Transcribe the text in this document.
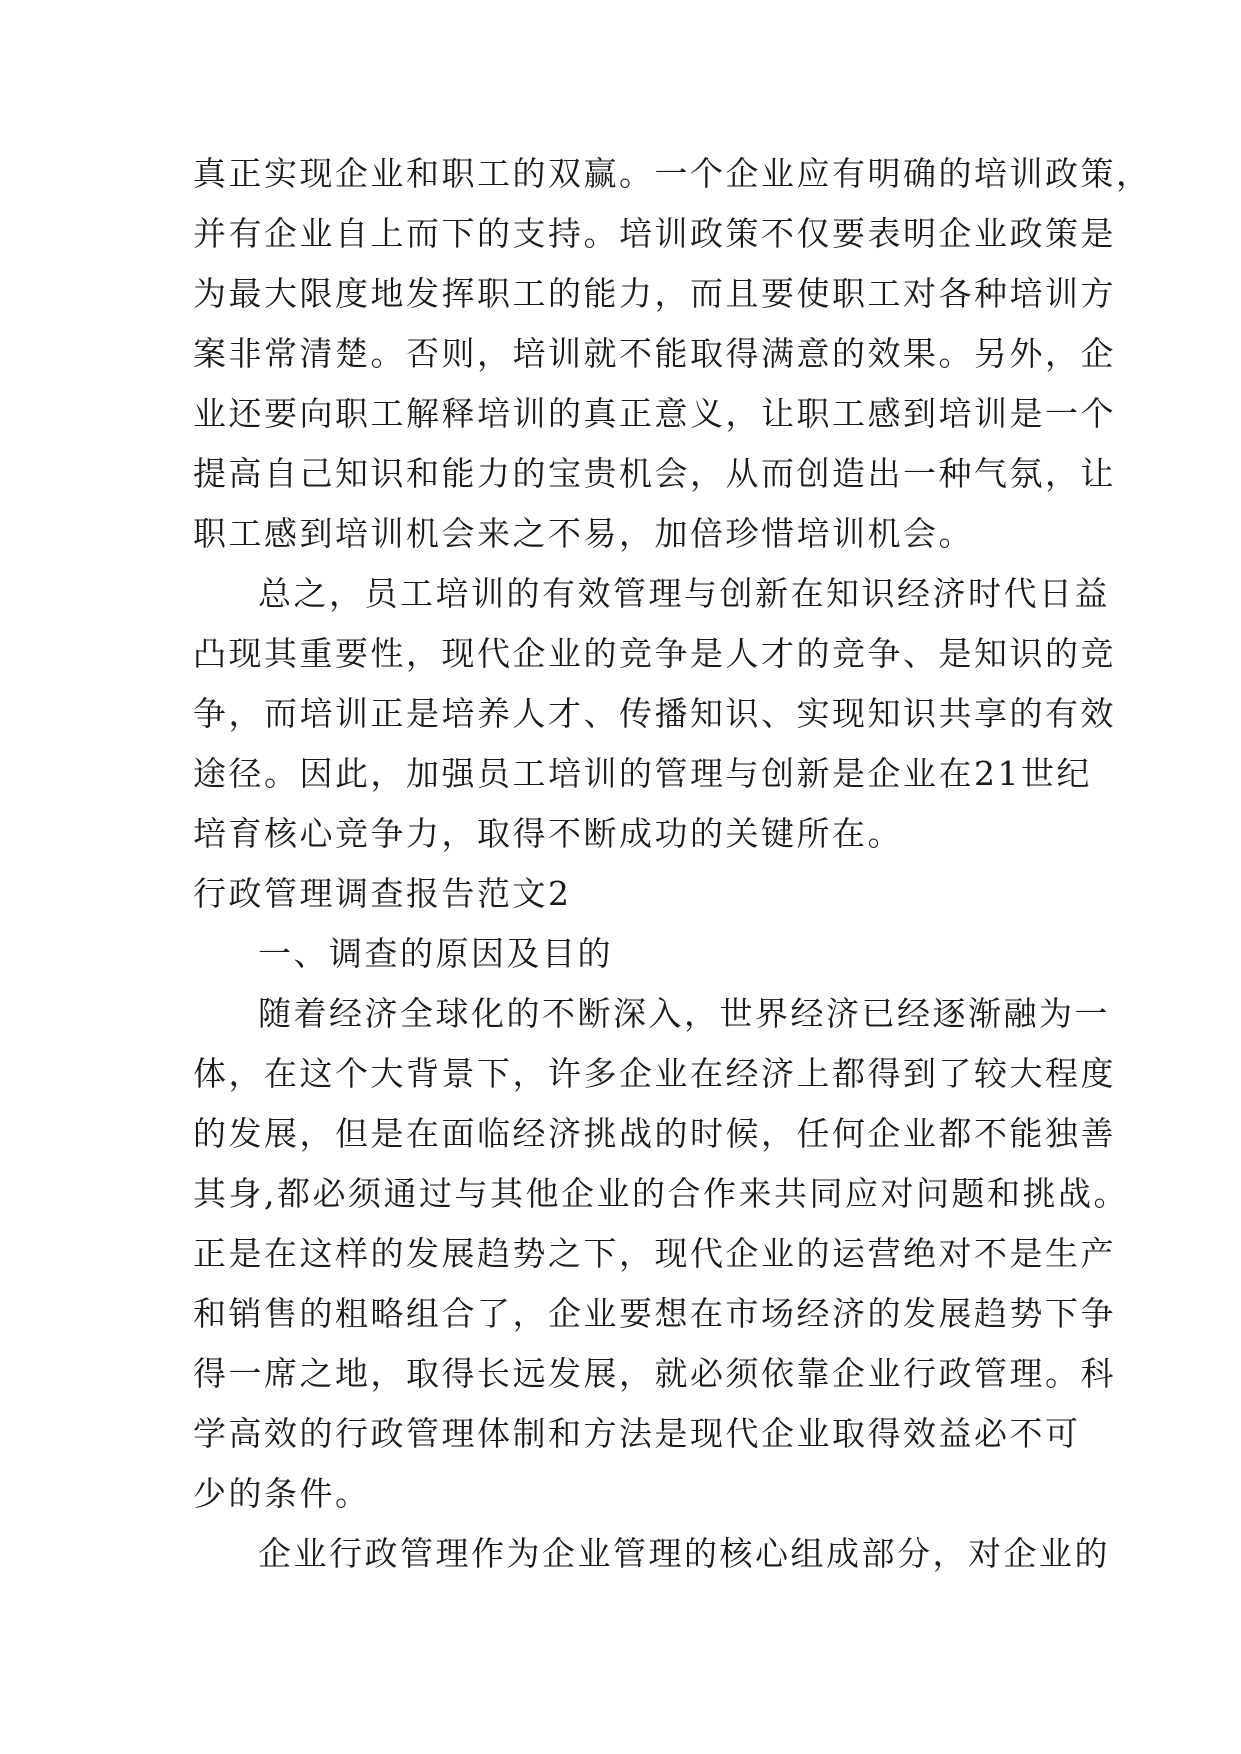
真正实现企业和职工的双赢。一个企业应有明确的培训政策，
并有企业自上而下的支持。培训政策不仅要表明企业政策是
为最大限度地发挥职工的能力，而且要使职工对各种培训方
案非常清楚。否则，培训就不能取得满意的效果。另外，企
业还要向职工解释培训的真正意义，让职工感到培训是一个
提高自己知识和能力的宝贵机会，从而创造出一种气氛，让
职工感到培训机会来之不易，加倍珍惜培训机会。
总之，员工培训的有效管理与创新在知识经济时代日益
凸现其重要性，现代企业的竞争是人才的竞争、是知识的竞
争，而培训正是培养人才、传播知识、实现知识共享的有效
途径。因此，加强员工培训的管理与创新是企业在21世纪
培育核心竞争力，取得不断成功的关键所在。
行政管理调查报告范文2
一、调查的原因及目的
随着经济全球化的不断深入，世界经济已经逐渐融为一
体，在这个大背景下，许多企业在经济上都得到了较大程度
的发展，但是在面临经济挑战的时候，任何企业都不能独善
其身,都必须通过与其他企业的合作来共同应对问题和挑战。
正是在这样的发展趋势之下，现代企业的运营绝对不是生产
和销售的粗略组合了，企业要想在市场经济的发展趋势下争
得一席之地，取得长远发展，就必须依靠企业行政管理。科
学高效的行政管理体制和方法是现代企业取得效益必不可
少的条件。
企业行政管理作为企业管理的核心组成部分，对企业的
